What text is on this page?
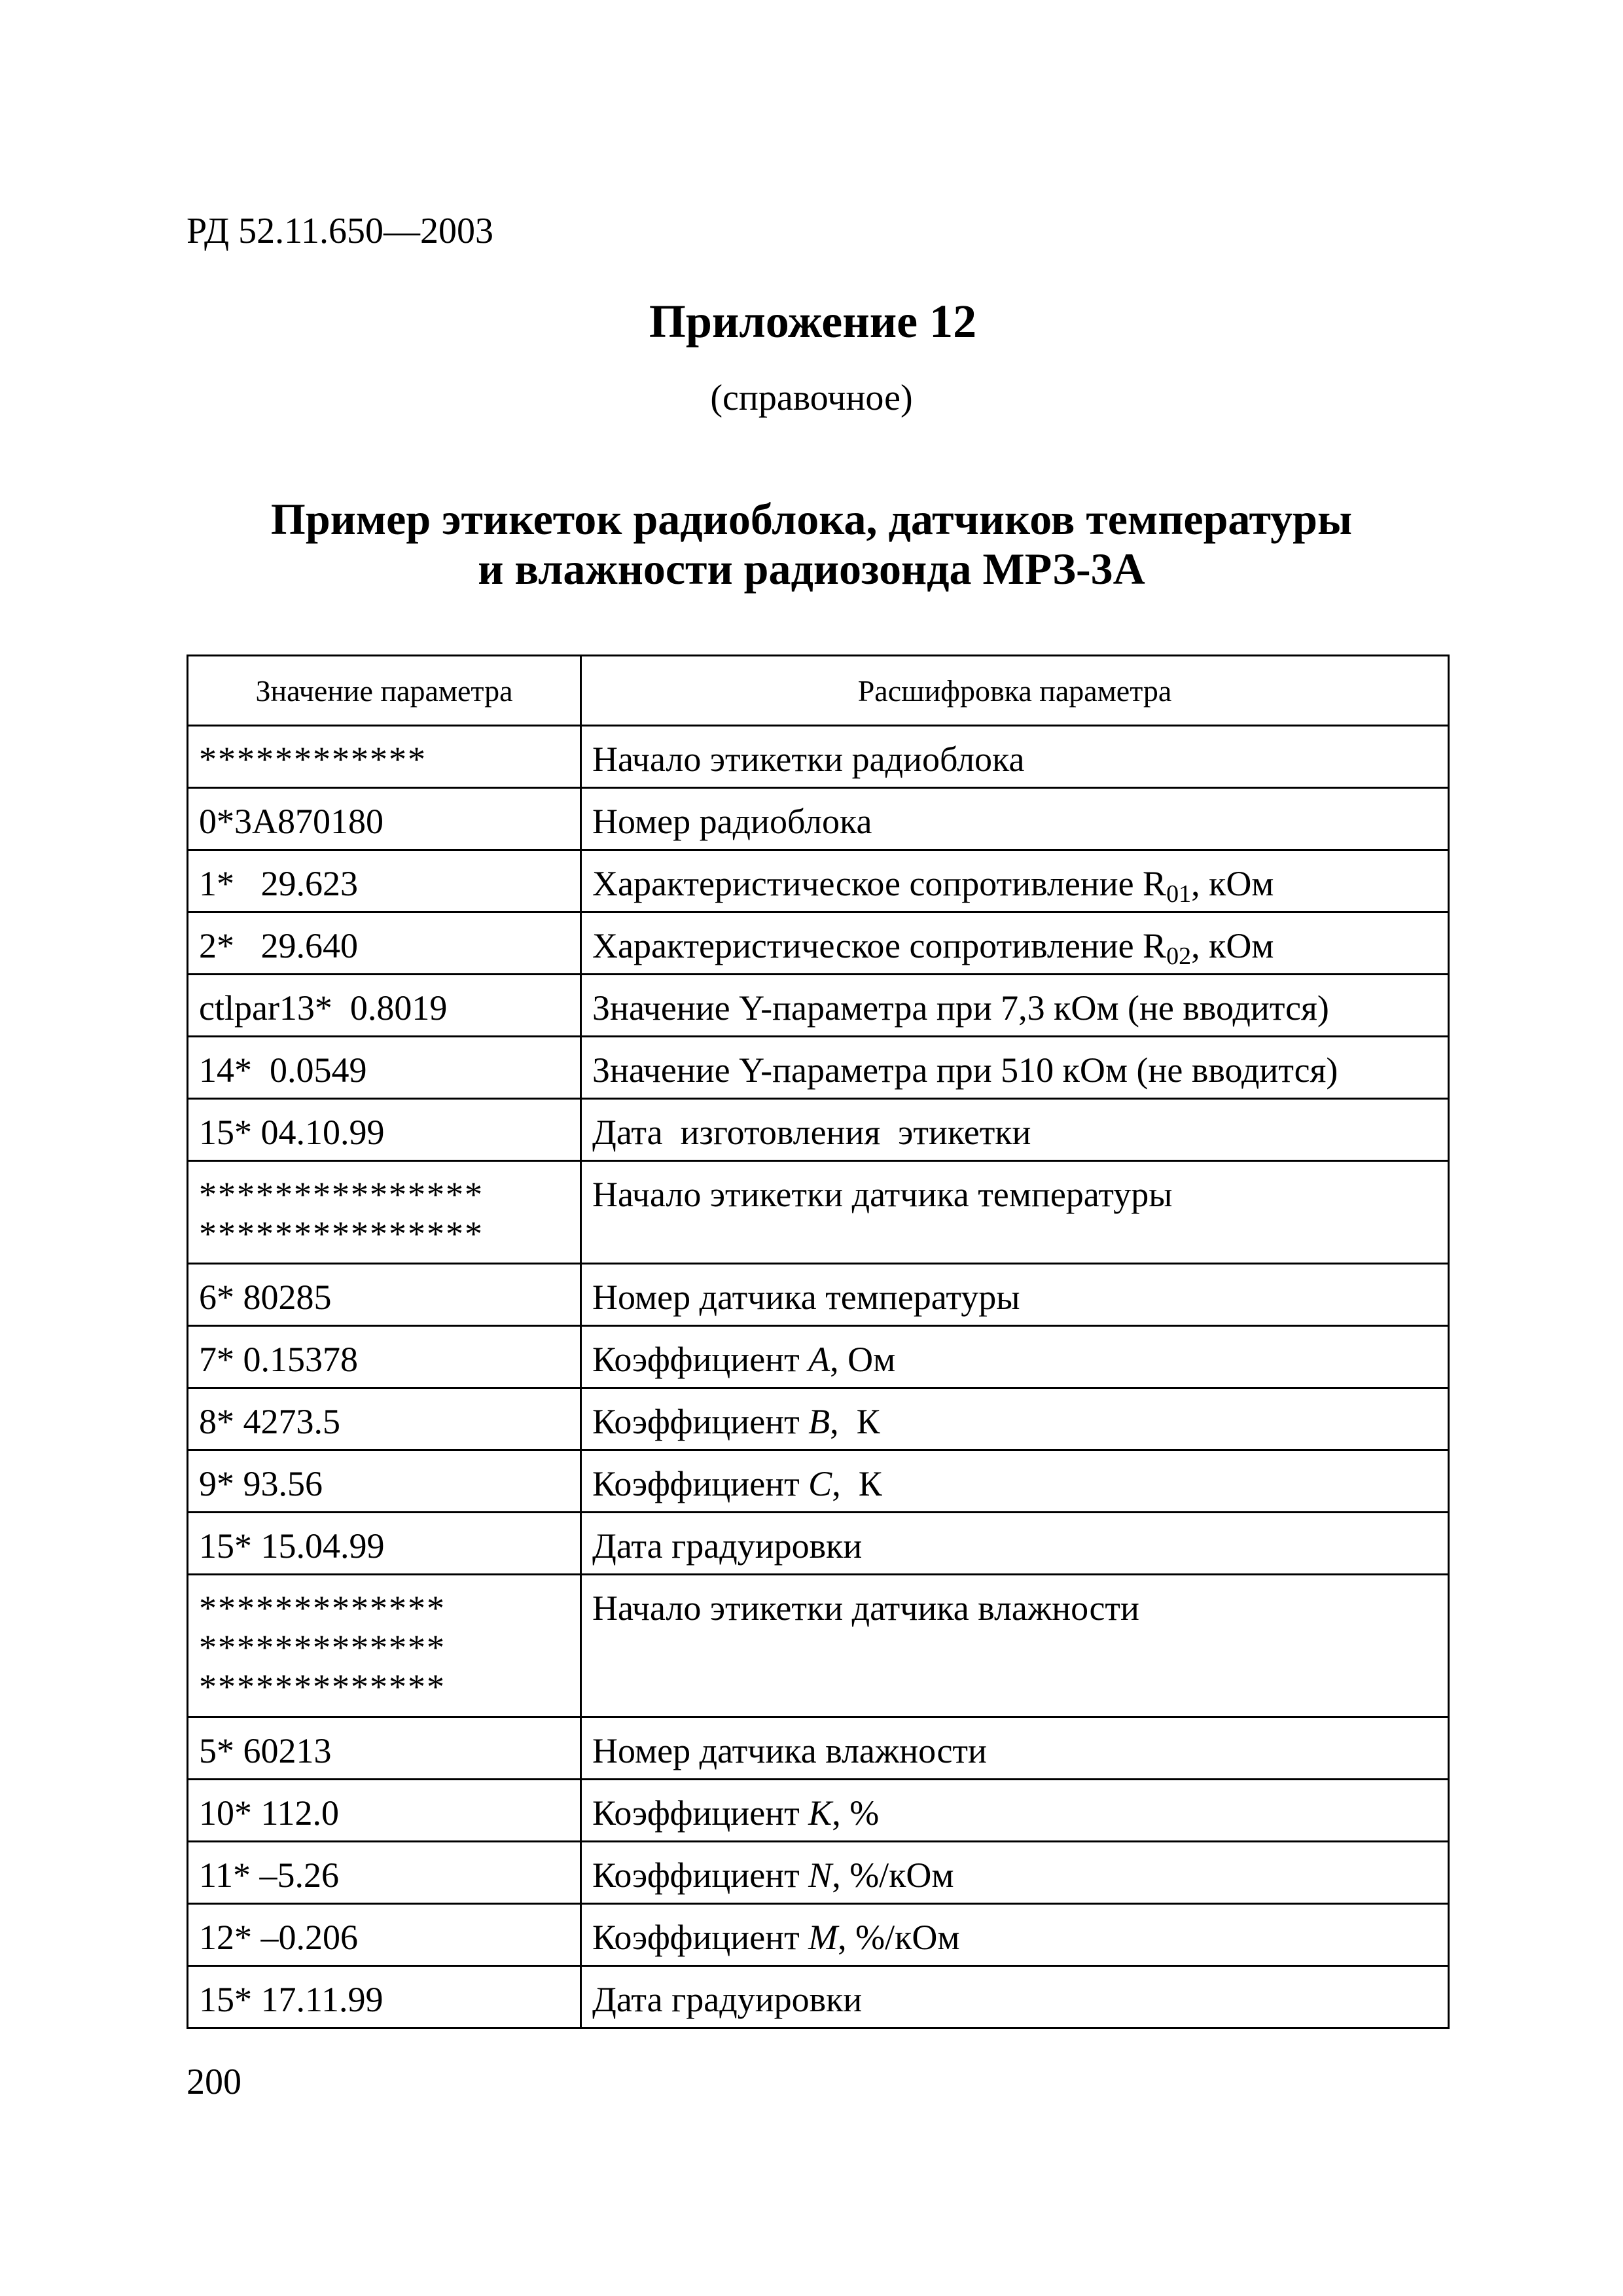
РД 52.11.650—2003
Приложение 12
(справочное)
Пример этикеток радиоблока, датчиков температуры
и влажности радиозонда МРЗ-3А
Значение параметра	Расшифровка параметра
************	Начало этикетки радиоблока
0*3A870180	Номер радиоблока
1*   29.623	Характеристическое сопротивление $R_{01}$, кОм
2*   29.640	Характеристическое сопротивление $R_{02}$, кОм
ctlpar13*  0.8019	Значение Y-параметра при 7,3 кОм (не вводится)
14*  0.0549	Значение Y-параметра при 510 кОм (не вводится)
15* 04.10.99	Дата  изготовления  этикетки

***************
***************	Начало этикетки датчика температуры
6* 80285	Номер датчика температуры
7* 0.15378	Коэффициент A, Ом
8* 4273.5	Коэффициент B,  К
9* 93.56	Коэффициент C,  К
15* 15.04.99	Дата градуировки

*************
*************
*************	Начало этикетки датчика влажности
5* 60213	Номер датчика влажности
10* 112.0	Коэффициент K, %
11* –5.26	Коэффициент N, %/кОм
12* –0.206	Коэффициент M, %/кОм
15* 17.11.99	Дата градуировки
200
